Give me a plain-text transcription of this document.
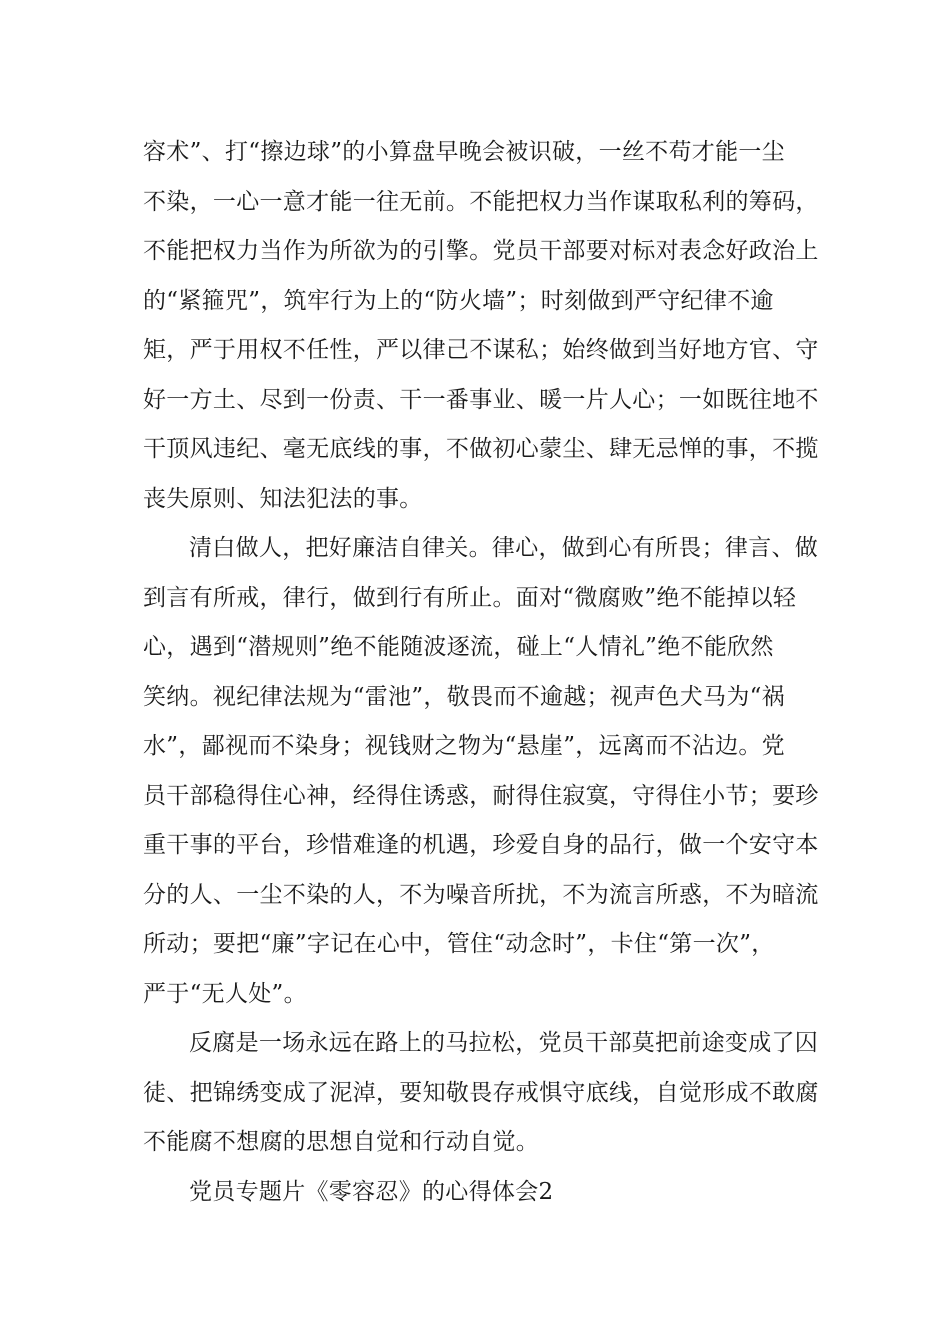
容术”、打“擦边球”的小算盘早晚会被识破，一丝不苟才能一尘
不染，一心一意才能一往无前。不能把权力当作谋取私利的筹码，
不能把权力当作为所欲为的引擎。党员干部要对标对表念好政治上
的“紧箍咒”，筑牢行为上的“防火墙”；时刻做到严守纪律不逾
矩，严于用权不任性，严以律己不谋私；始终做到当好地方官、守
好一方土、尽到一份责、干一番事业、暖一片人心；一如既往地不
干顶风违纪、毫无底线的事，不做初心蒙尘、肆无忌惮的事，不揽
丧失原则、知法犯法的事。
清白做人，把好廉洁自律关。律心，做到心有所畏；律言、做
到言有所戒，律行，做到行有所止。面对“微腐败”绝不能掉以轻
心，遇到“潜规则”绝不能随波逐流，碰上“人情礼”绝不能欣然
笑纳。视纪律法规为“雷池”，敬畏而不逾越；视声色犬马为“祸
水”，鄙视而不染身；视钱财之物为“悬崖”，远离而不沾边。党
员干部稳得住心神，经得住诱惑，耐得住寂寞，守得住小节；要珍
重干事的平台，珍惜难逢的机遇，珍爱自身的品行，做一个安守本
分的人、一尘不染的人，不为噪音所扰，不为流言所惑，不为暗流
所动；要把“廉”字记在心中，管住“动念时”，卡住“第一次”，
严于“无人处”。
反腐是一场永远在路上的马拉松，党员干部莫把前途变成了囚
徒、把锦绣变成了泥淖，要知敬畏存戒惧守底线，自觉形成不敢腐
不能腐不想腐的思想自觉和行动自觉。
党员专题片《零容忍》的心得体会2
